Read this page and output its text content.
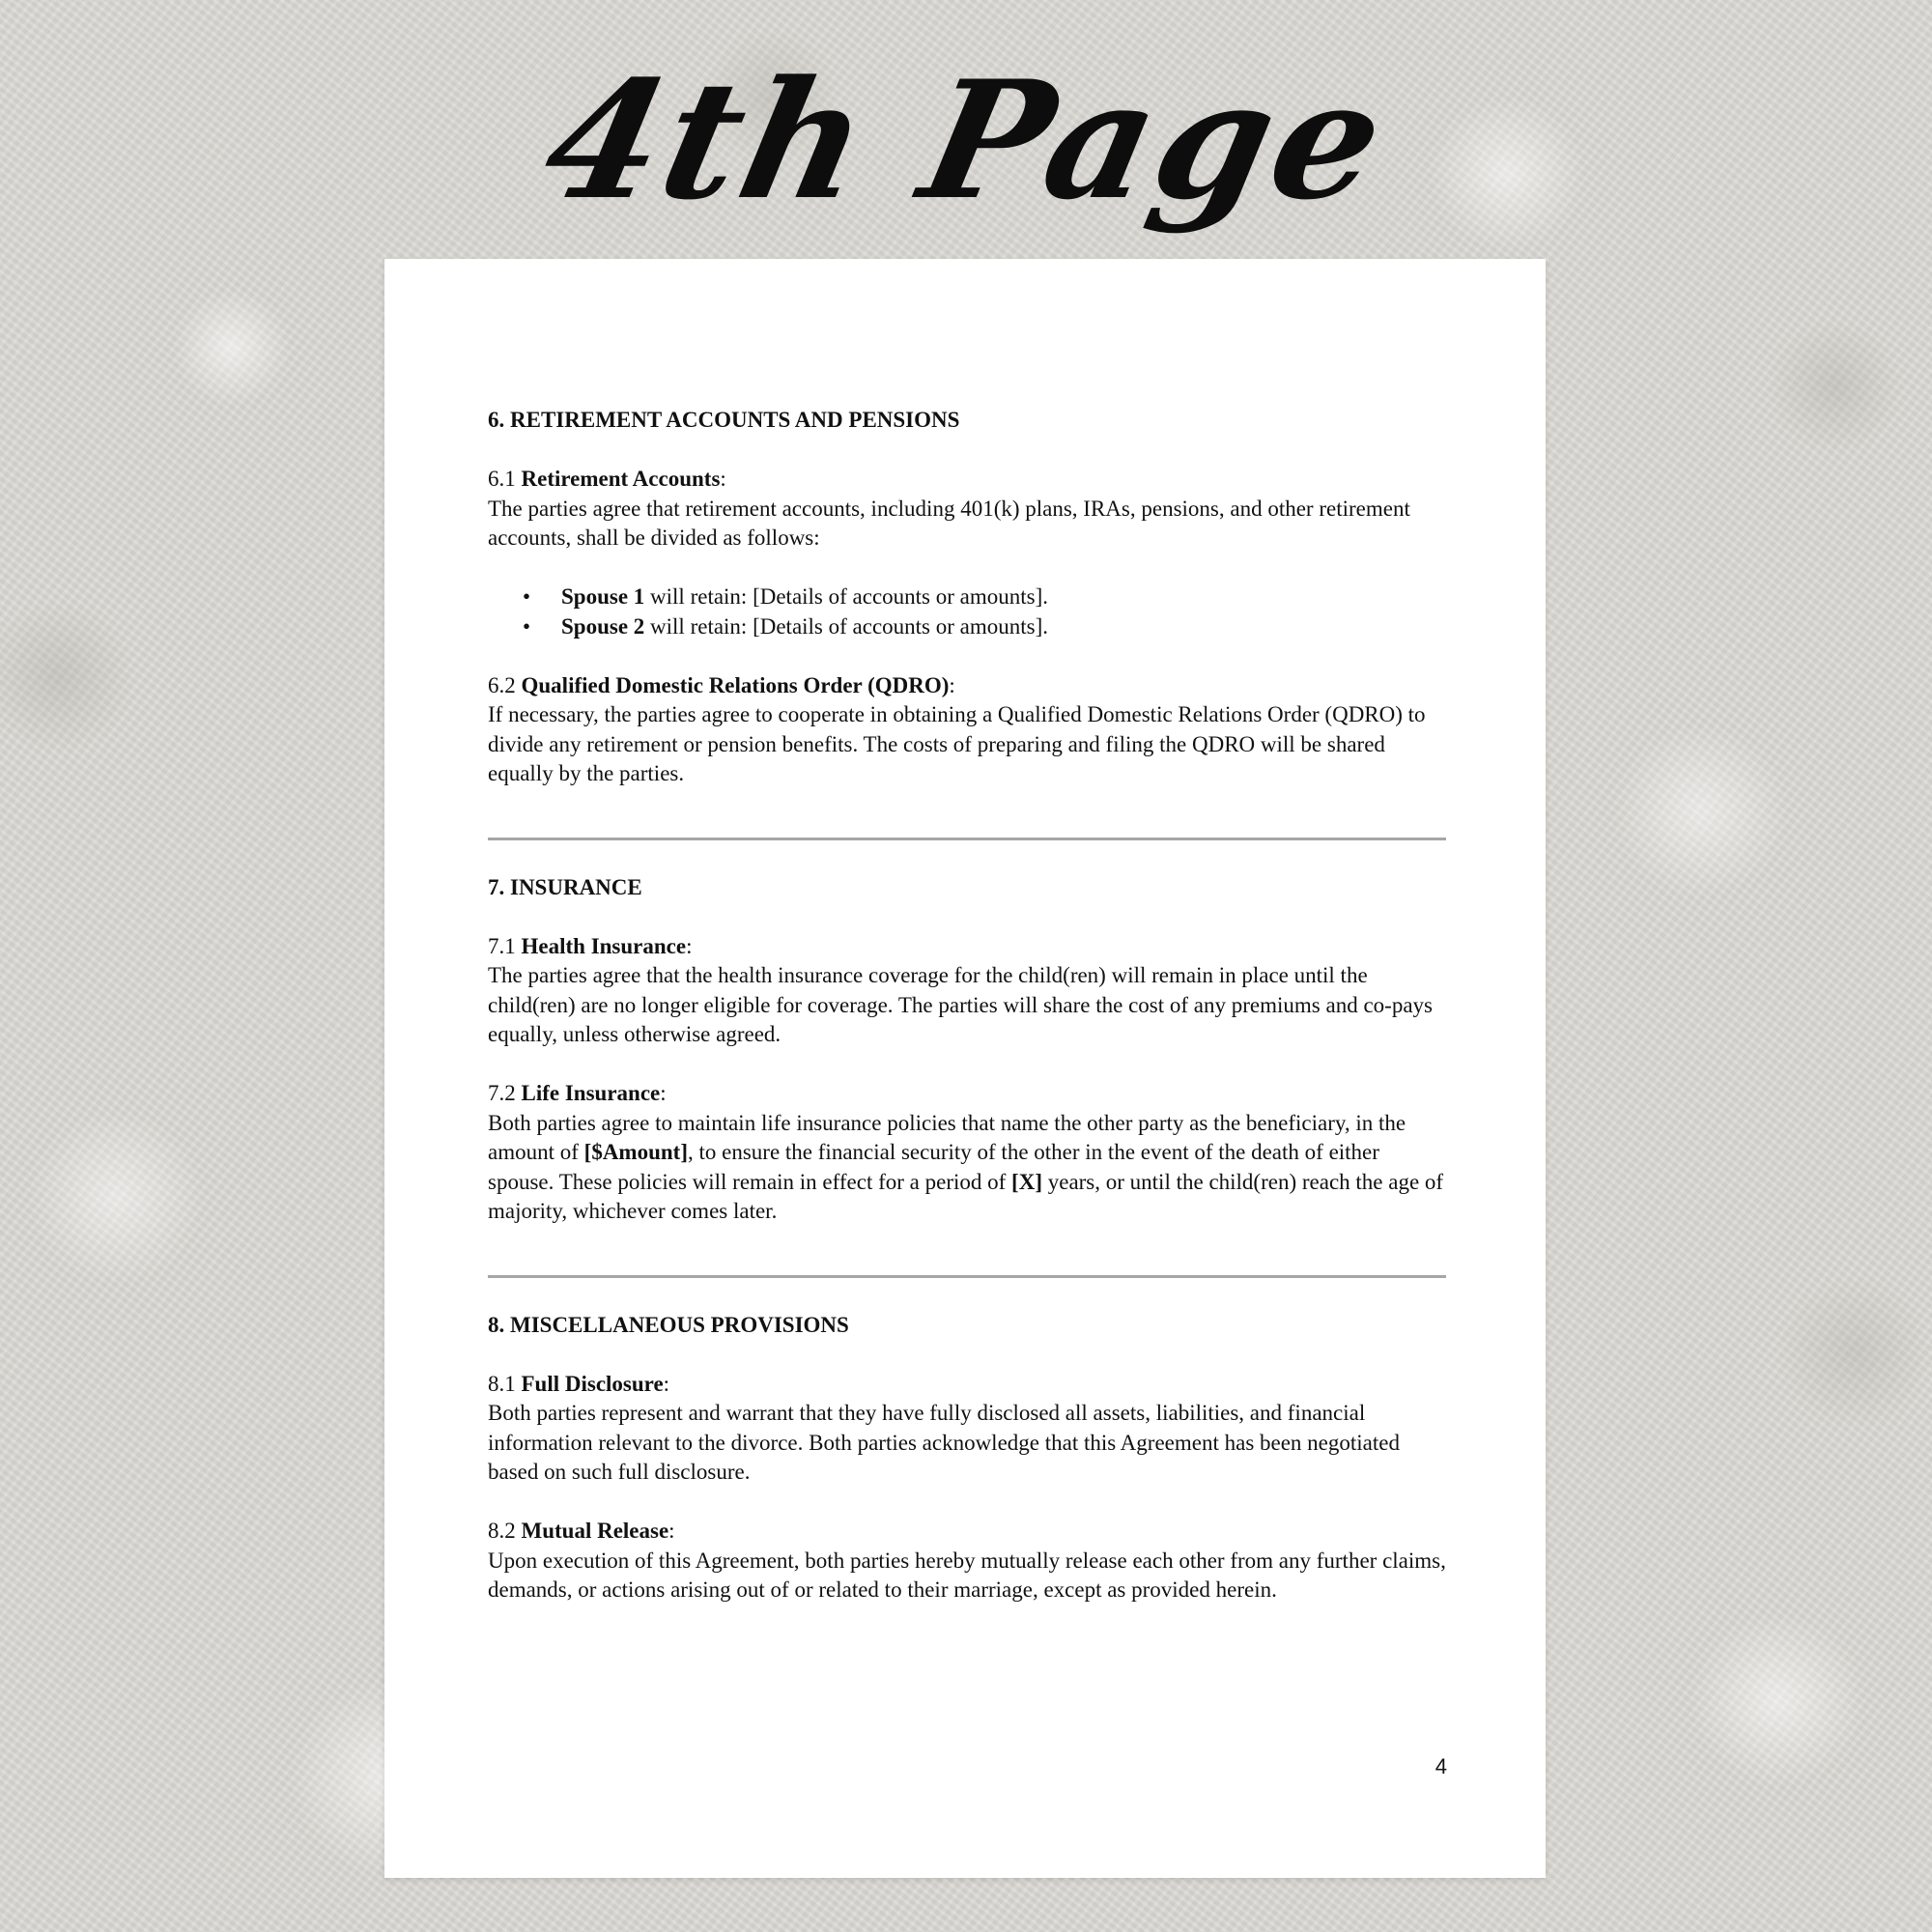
4th Page

6. RETIREMENT ACCOUNTS AND PENSIONS

6.1 Retirement Accounts:

The parties agree that retirement accounts, including 401(k) plans, IRAs, pensions, and other retirement accounts, shall be divided as follows:

• Spouse 1 will retain: [Details of accounts or amounts].
• Spouse 2 will retain: [Details of accounts or amounts].

6.2 Qualified Domestic Relations Order (QDRO):

If necessary, the parties agree to cooperate in obtaining a Qualified Domestic Relations Order (QDRO) to divide any retirement or pension benefits. The costs of preparing and filing the QDRO will be shared equally by the parties.

7. INSURANCE

7.1 Health Insurance:

The parties agree that the health insurance coverage for the child(ren) will remain in place until the child(ren) are no longer eligible for coverage. The parties will share the cost of any premiums and co-pays equally, unless otherwise agreed.

7.2 Life Insurance:

Both parties agree to maintain life insurance policies that name the other party as the beneficiary, in the amount of [$Amount], to ensure the financial security of the other in the event of the death of either spouse. These policies will remain in effect for a period of [X] years, or until the child(ren) reach the age of majority, whichever comes later.

8. MISCELLANEOUS PROVISIONS

8.1 Full Disclosure:

Both parties represent and warrant that they have fully disclosed all assets, liabilities, and financial information relevant to the divorce. Both parties acknowledge that this Agreement has been negotiated based on such full disclosure.

8.2 Mutual Release:

Upon execution of this Agreement, both parties hereby mutually release each other from any further claims, demands, or actions arising out of or related to their marriage, except as provided herein.

4
